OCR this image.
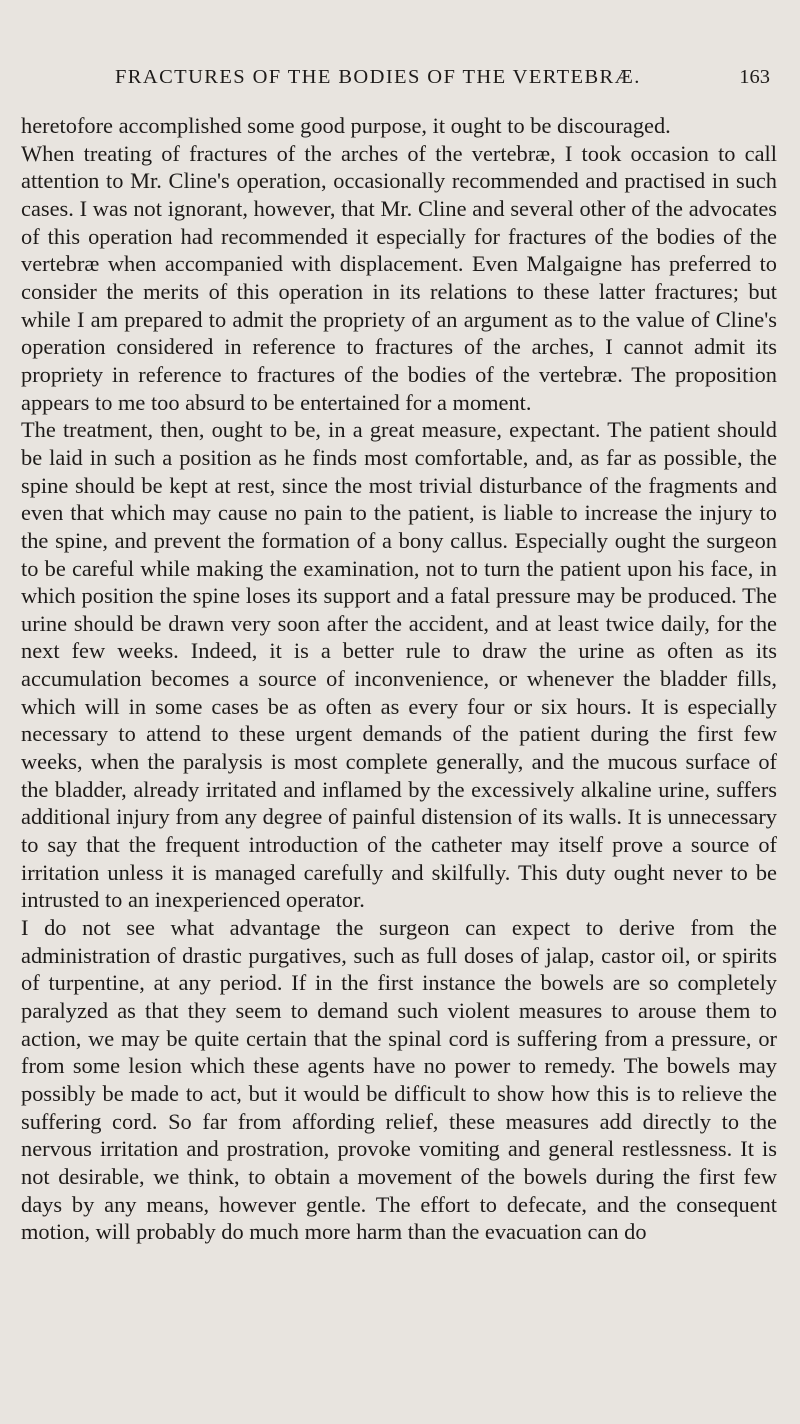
FRACTURES OF THE BODIES OF THE VERTEBRÆ.	163

heretofore accomplished some good purpose, it ought to be discouraged.

When treating of fractures of the arches of the vertebræ, I took occasion to call attention to Mr. Cline's operation, occasionally recommended and practised in such cases. I was not ignorant, however, that Mr. Cline and several other of the advocates of this operation had recommended it especially for fractures of the bodies of the vertebræ when accompanied with displacement. Even Malgaigne has preferred to consider the merits of this operation in its relations to these latter fractures; but while I am prepared to admit the propriety of an argument as to the value of Cline's operation considered in reference to fractures of the arches, I cannot admit its propriety in reference to fractures of the bodies of the vertebræ. The proposition appears to me too absurd to be entertained for a moment.

The treatment, then, ought to be, in a great measure, expectant. The patient should be laid in such a position as he finds most comfortable, and, as far as possible, the spine should be kept at rest, since the most trivial disturbance of the fragments and even that which may cause no pain to the patient, is liable to increase the injury to the spine, and prevent the formation of a bony callus. Especially ought the surgeon to be careful while making the examination, not to turn the patient upon his face, in which position the spine loses its support and a fatal pressure may be produced. The urine should be drawn very soon after the accident, and at least twice daily, for the next few weeks. Indeed, it is a better rule to draw the urine as often as its accumulation becomes a source of inconvenience, or whenever the bladder fills, which will in some cases be as often as every four or six hours. It is especially necessary to attend to these urgent demands of the patient during the first few weeks, when the paralysis is most complete generally, and the mucous surface of the bladder, already irritated and inflamed by the excessively alkaline urine, suffers additional injury from any degree of painful distension of its walls. It is unnecessary to say that the frequent introduction of the catheter may itself prove a source of irritation unless it is managed carefully and skilfully. This duty ought never to be intrusted to an inexperienced operator.

I do not see what advantage the surgeon can expect to derive from the administration of drastic purgatives, such as full doses of jalap, castor oil, or spirits of turpentine, at any period. If in the first instance the bowels are so completely paralyzed as that they seem to demand such violent measures to arouse them to action, we may be quite certain that the spinal cord is suffering from a pressure, or from some lesion which these agents have no power to remedy. The bowels may possibly be made to act, but it would be difficult to show how this is to relieve the suffering cord. So far from affording relief, these measures add directly to the nervous irritation and prostration, provoke vomiting and general restlessness. It is not desirable, we think, to obtain a movement of the bowels during the first few days by any means, however gentle. The effort to defecate, and the consequent motion, will probably do much more harm than the evacuation can do
